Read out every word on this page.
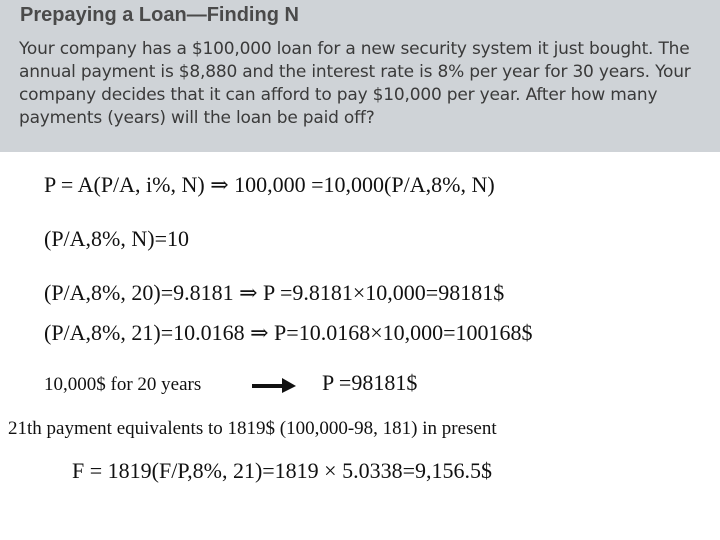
Prepaying a Loan—Finding N
Your company has a $100,000 loan for a new security system it just bought. The
annual payment is $8,880 and the interest rate is 8% per year for 30 years. Your
company decides that it can afford to pay $10,000 per year. After how many
payments (years) will the loan be paid off?
P = A(P/A, i%, N) ⇒ 100,000 =10,000(P/A,8%, N)
(P/A,8%, N)=10
(P/A,8%, 20)=9.8181 ⇒ P =9.8181×10,000=98181$
(P/A,8%, 21)=10.0168 ⇒ P=10.0168×10,000=100168$
10,000$ for 20 years	P =98181$
21th payment equivalents to 1819$ (100,000-98, 181) in present
F = 1819(F/P,8%, 21)=1819 × 5.0338=9,156.5$
